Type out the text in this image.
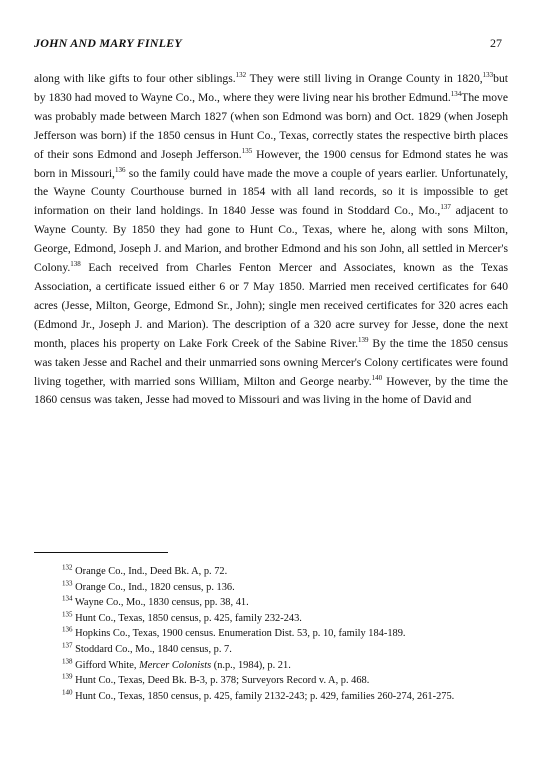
JOHN AND MARY FINLEY	27
along with like gifts to four other siblings.$^{132}$ They were still living in Orange County in 1820,$^{133}$but by 1830 had moved to Wayne Co., Mo., where they were living near his brother Edmund.$^{134}$The move was probably made between March 1827 (when son Edmond was born) and Oct. 1829 (when Joseph Jefferson was born) if the 1850 census in Hunt Co., Texas, correctly states the respective birth places of their sons Edmond and Joseph Jefferson.$^{135}$ However, the 1900 census for Edmond states he was born in Missouri,$^{136}$ so the family could have made the move a couple of years earlier. Unfortunately, the Wayne County Courthouse burned in 1854 with all land records, so it is impossible to get information on their land holdings. In 1840 Jesse was found in Stoddard Co., Mo.,$^{137}$ adjacent to Wayne County. By 1850 they had gone to Hunt Co., Texas, where he, along with sons Milton, George, Edmond, Joseph J. and Marion, and brother Edmond and his son John, all settled in Mercer's Colony.$^{138}$ Each received from Charles Fenton Mercer and Associates, known as the Texas Association, a certificate issued either 6 or 7 May 1850. Married men received certificates for 640 acres (Jesse, Milton, George, Edmond Sr., John); single men received certificates for 320 acres each (Edmond Jr., Joseph J. and Marion). The description of a 320 acre survey for Jesse, done the next month, places his property on Lake Fork Creek of the Sabine River.$^{139}$ By the time the 1850 census was taken Jesse and Rachel and their unmarried sons owning Mercer's Colony certificates were found living together, with married sons William, Milton and George nearby.$^{140}$ However, by the time the 1860 census was taken, Jesse had moved to Missouri and was living in the home of David and

$^{132}$ Orange Co., Ind., Deed Bk. A, p. 72.

$^{133}$ Orange Co., Ind., 1820 census, p. 136.

$^{134}$ Wayne Co., Mo., 1830 census, pp. 38, 41.

$^{135}$ Hunt Co., Texas, 1850 census, p. 425, family 232-243.

$^{136}$ Hopkins Co., Texas, 1900 census. Enumeration Dist. 53, p. 10, family 184-189.

$^{137}$ Stoddard Co., Mo., 1840 census, p. 7.

$^{138}$ Gifford White, Mercer Colonists (n.p., 1984), p. 21.

$^{139}$ Hunt Co., Texas, Deed Bk. B-3, p. 378; Surveyors Record v. A, p. 468.

$^{140}$ Hunt Co., Texas, 1850 census, p. 425, family 2132-243; p. 429, families 260-274, 261-275.
